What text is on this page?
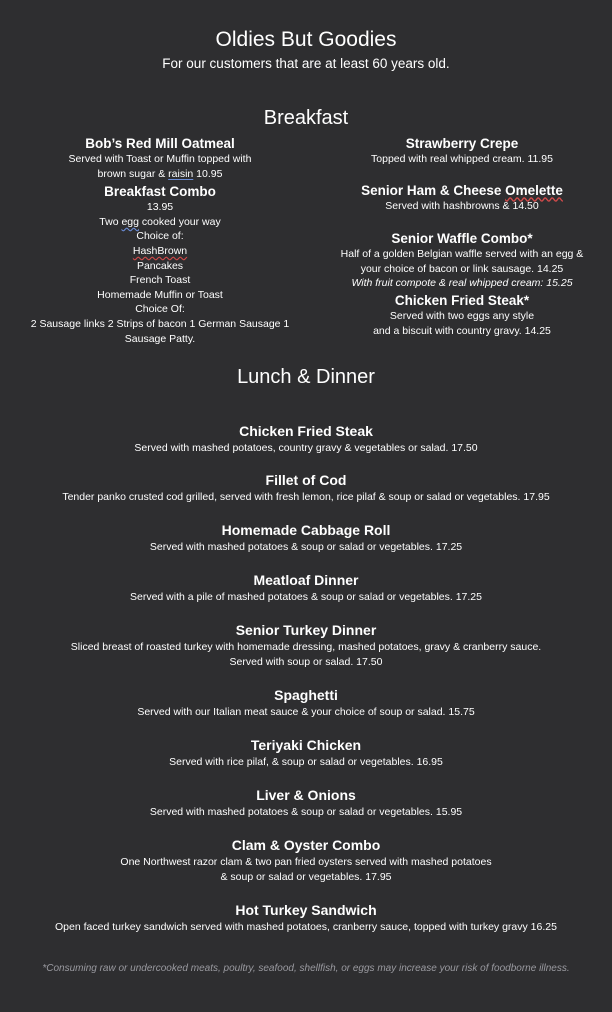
Oldies But Goodies
For our customers that are at least 60 years old.
Breakfast
Bob’s Red Mill Oatmeal
Served with Toast or Muffin topped with
brown sugar & raisin 10.95
Breakfast Combo
13.95
Two egg cooked your way
Choice of:
HashBrown
Pancakes
French Toast
Homemade Muffin or Toast
Choice Of:
2 Sausage links 2 Strips of bacon 1 German Sausage 1
Sausage Patty.
Strawberry Crepe
Topped with real whipped cream. 11.95
Senior Ham & Cheese Omelette
Served with hashbrowns & 14.50
Senior Waffle Combo*
Half of a golden Belgian waffle served with an egg &
your choice of bacon or link sausage. 14.25
With fruit compote & real whipped cream: 15.25
Chicken Fried Steak*
Served with two eggs any style
and a biscuit with country gravy. 14.25
Lunch & Dinner
Chicken Fried Steak
Served with mashed potatoes, country gravy & vegetables or salad. 17.50
Fillet of Cod
Tender panko crusted cod grilled, served with fresh lemon, rice pilaf & soup or salad or vegetables. 17.95
Homemade Cabbage Roll
Served with mashed potatoes & soup or salad or vegetables. 17.25
Meatloaf Dinner
Served with a pile of mashed potatoes & soup or salad or vegetables. 17.25
Senior Turkey Dinner
Sliced breast of roasted turkey with homemade dressing, mashed potatoes, gravy & cranberry sauce.
Served with soup or salad. 17.50
Spaghetti
Served with our Italian meat sauce & your choice of soup or salad. 15.75
Teriyaki Chicken
Served with rice pilaf, & soup or salad or vegetables. 16.95
Liver & Onions
Served with mashed potatoes & soup or salad or vegetables. 15.95
Clam & Oyster Combo
One Northwest razor clam & two pan fried oysters served with mashed potatoes
& soup or salad or vegetables. 17.95
Hot Turkey Sandwich
Open faced turkey sandwich served with mashed potatoes, cranberry sauce, topped with turkey gravy 16.25
*Consuming raw or undercooked meats, poultry, seafood, shellfish, or eggs may increase your risk of foodborne illness.
